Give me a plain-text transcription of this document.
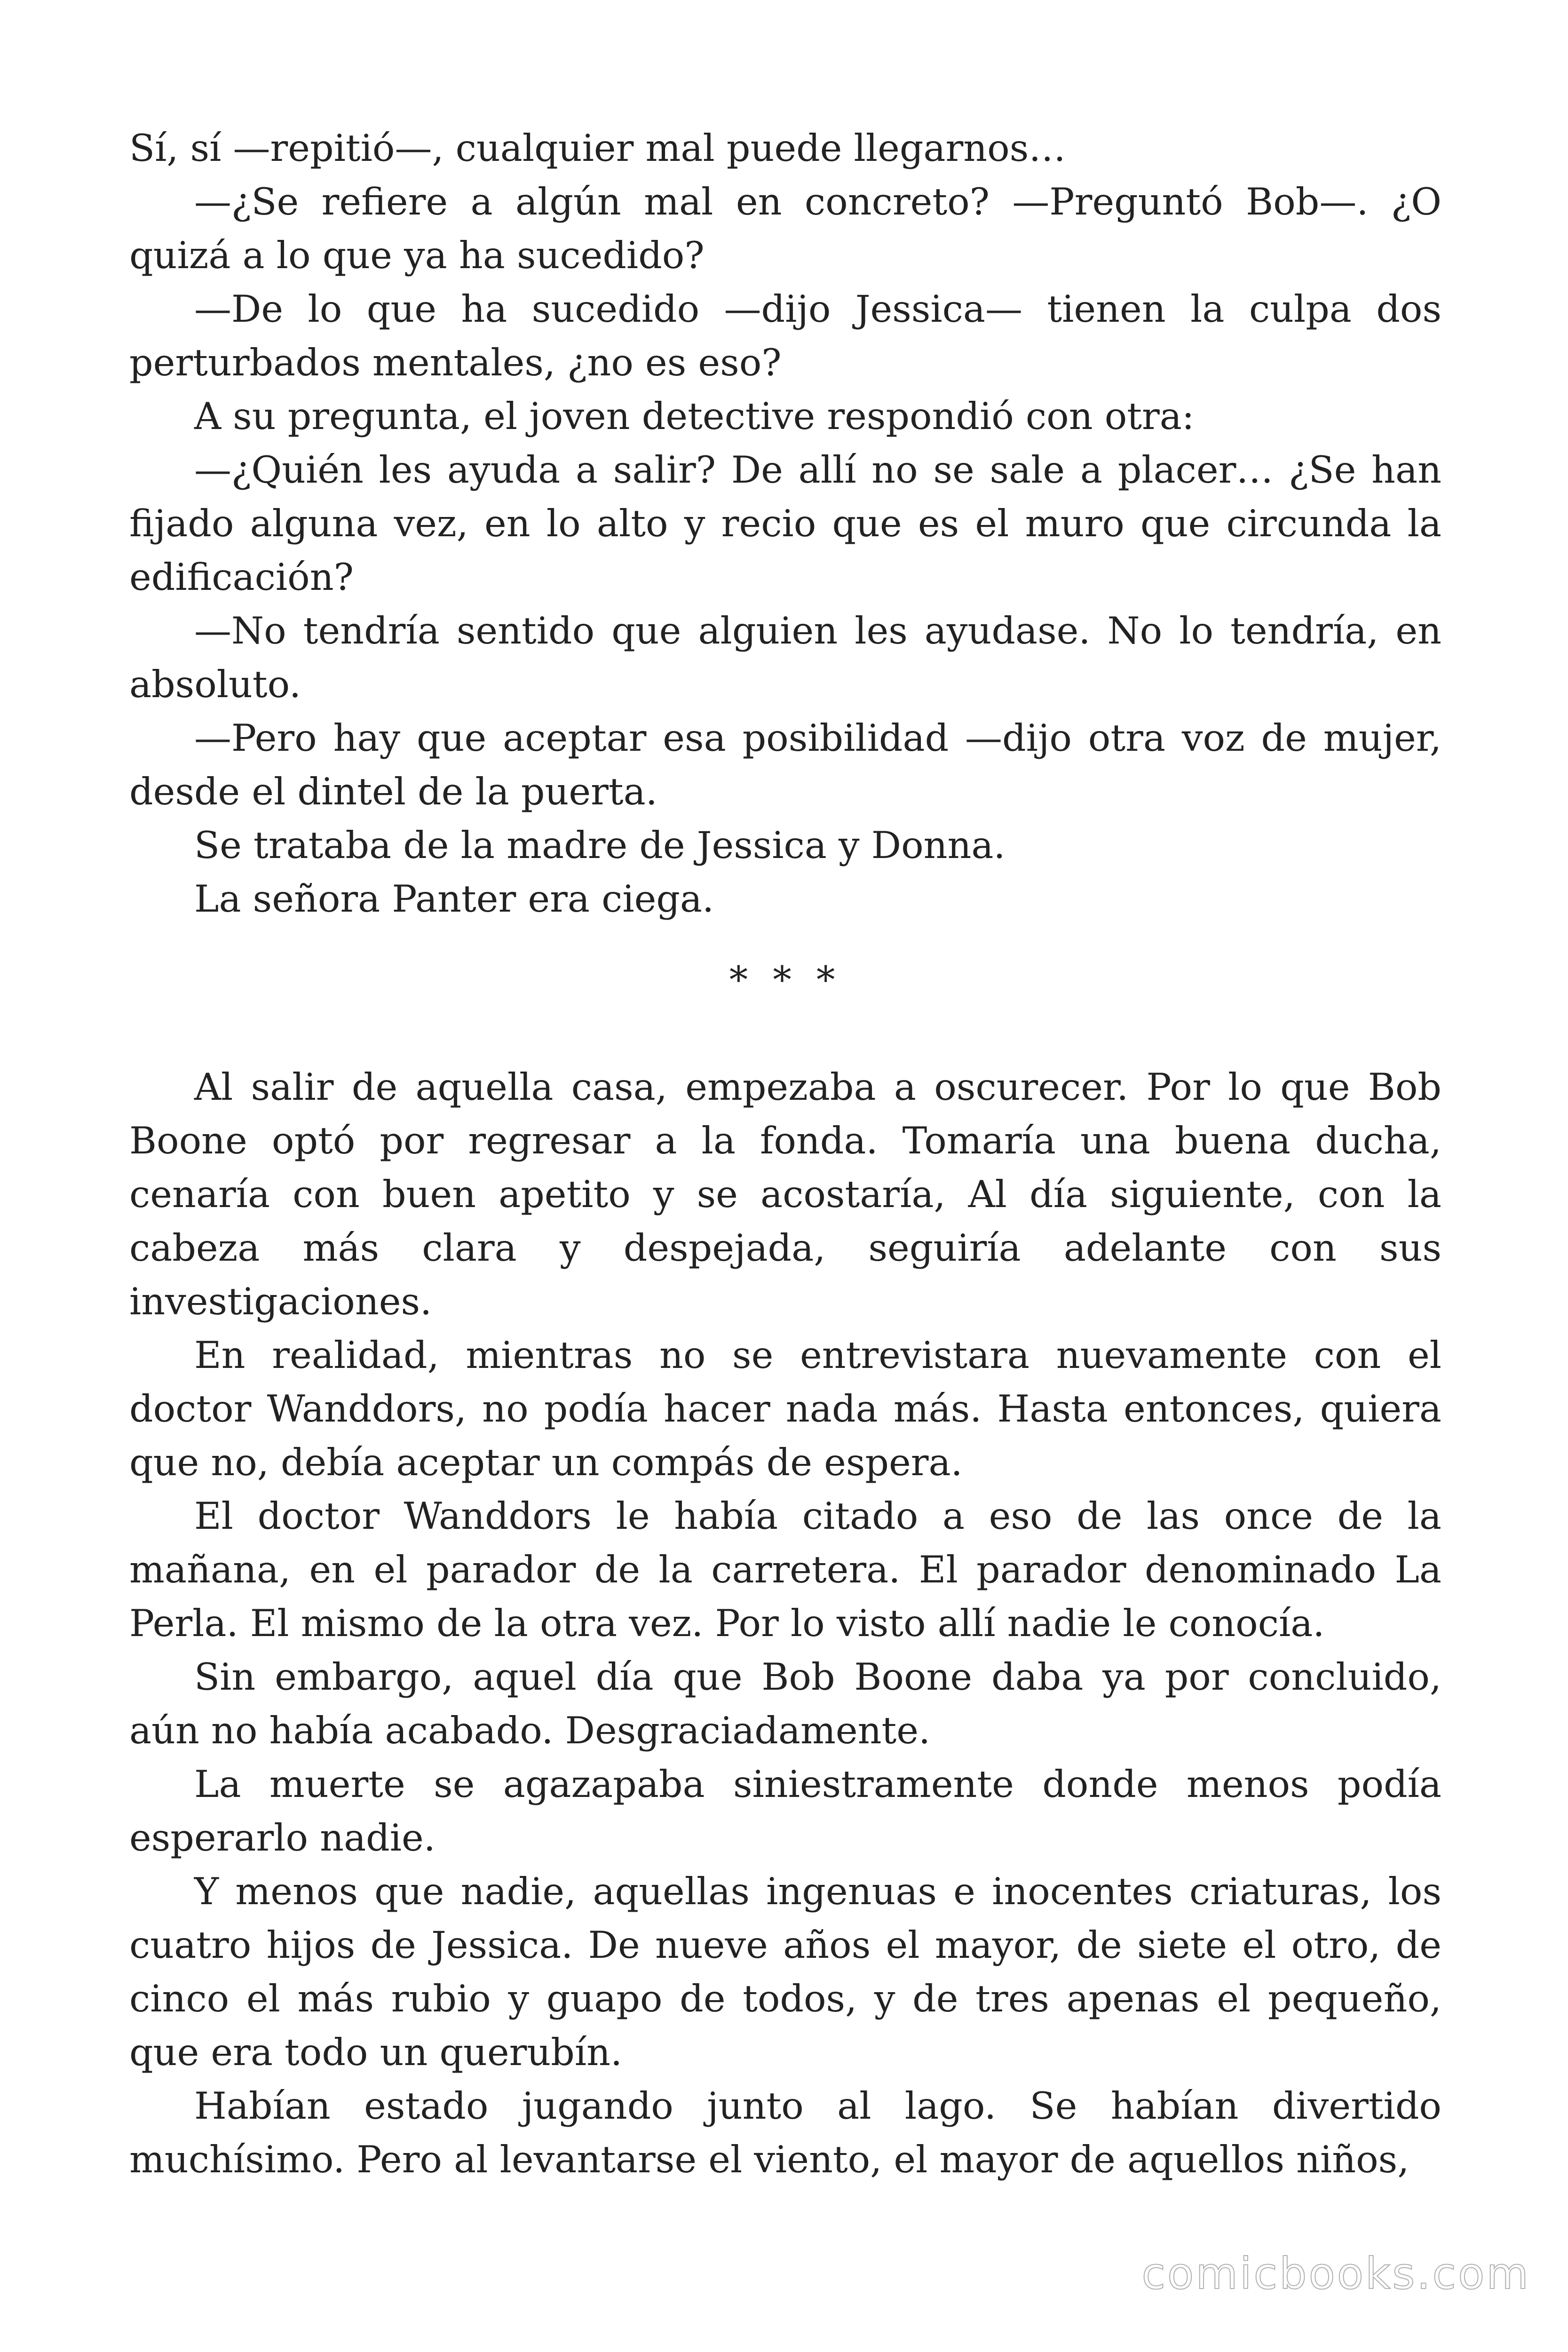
Sí, sí —repitió—, cualquier mal puede llegarnos…

—¿Se refiere a algún mal en concreto? —Preguntó Bob—. ¿O quizá a lo que ya ha sucedido?

—De lo que ha sucedido —dijo Jessica— tienen la culpa dos perturbados mentales, ¿no es eso?

A su pregunta, el joven detective respondió con otra:

—¿Quién les ayuda a salir? De allí no se sale a placer… ¿Se han fijado alguna vez, en lo alto y recio que es el muro que circunda la edificación?

—No tendría sentido que alguien les ayudase. No lo tendría, en absoluto.

—Pero hay que aceptar esa posibilidad —dijo otra voz de mujer, desde el dintel de la puerta.

Se trataba de la madre de Jessica y Donna.

La señora Panter era ciega.

* * *

Al salir de aquella casa, empezaba a oscurecer. Por lo que Bob Boone optó por regresar a la fonda. Tomaría una buena ducha, cenaría con buen apetito y se acostaría, Al día siguiente, con la cabeza más clara y despejada, seguiría adelante con sus investigaciones.

En realidad, mientras no se entrevistara nuevamente con el doctor Wanddors, no podía hacer nada más. Hasta entonces, quiera que no, debía aceptar un compás de espera.

El doctor Wanddors le había citado a eso de las once de la mañana, en el parador de la carretera. El parador denominado La Perla. El mismo de la otra vez. Por lo visto allí nadie le conocía.

Sin embargo, aquel día que Bob Boone daba ya por concluido, aún no había acabado. Desgraciadamente.

La muerte se agazapaba siniestramente donde menos podía esperarlo nadie.

Y menos que nadie, aquellas ingenuas e inocentes criaturas, los cuatro hijos de Jessica. De nueve años el mayor, de siete el otro, de cinco el más rubio y guapo de todos, y de tres apenas el pequeño, que era todo un querubín.

Habían estado jugando junto al lago. Se habían divertido muchísimo. Pero al levantarse el viento, el mayor de aquellos niños,

comicbooks.com
